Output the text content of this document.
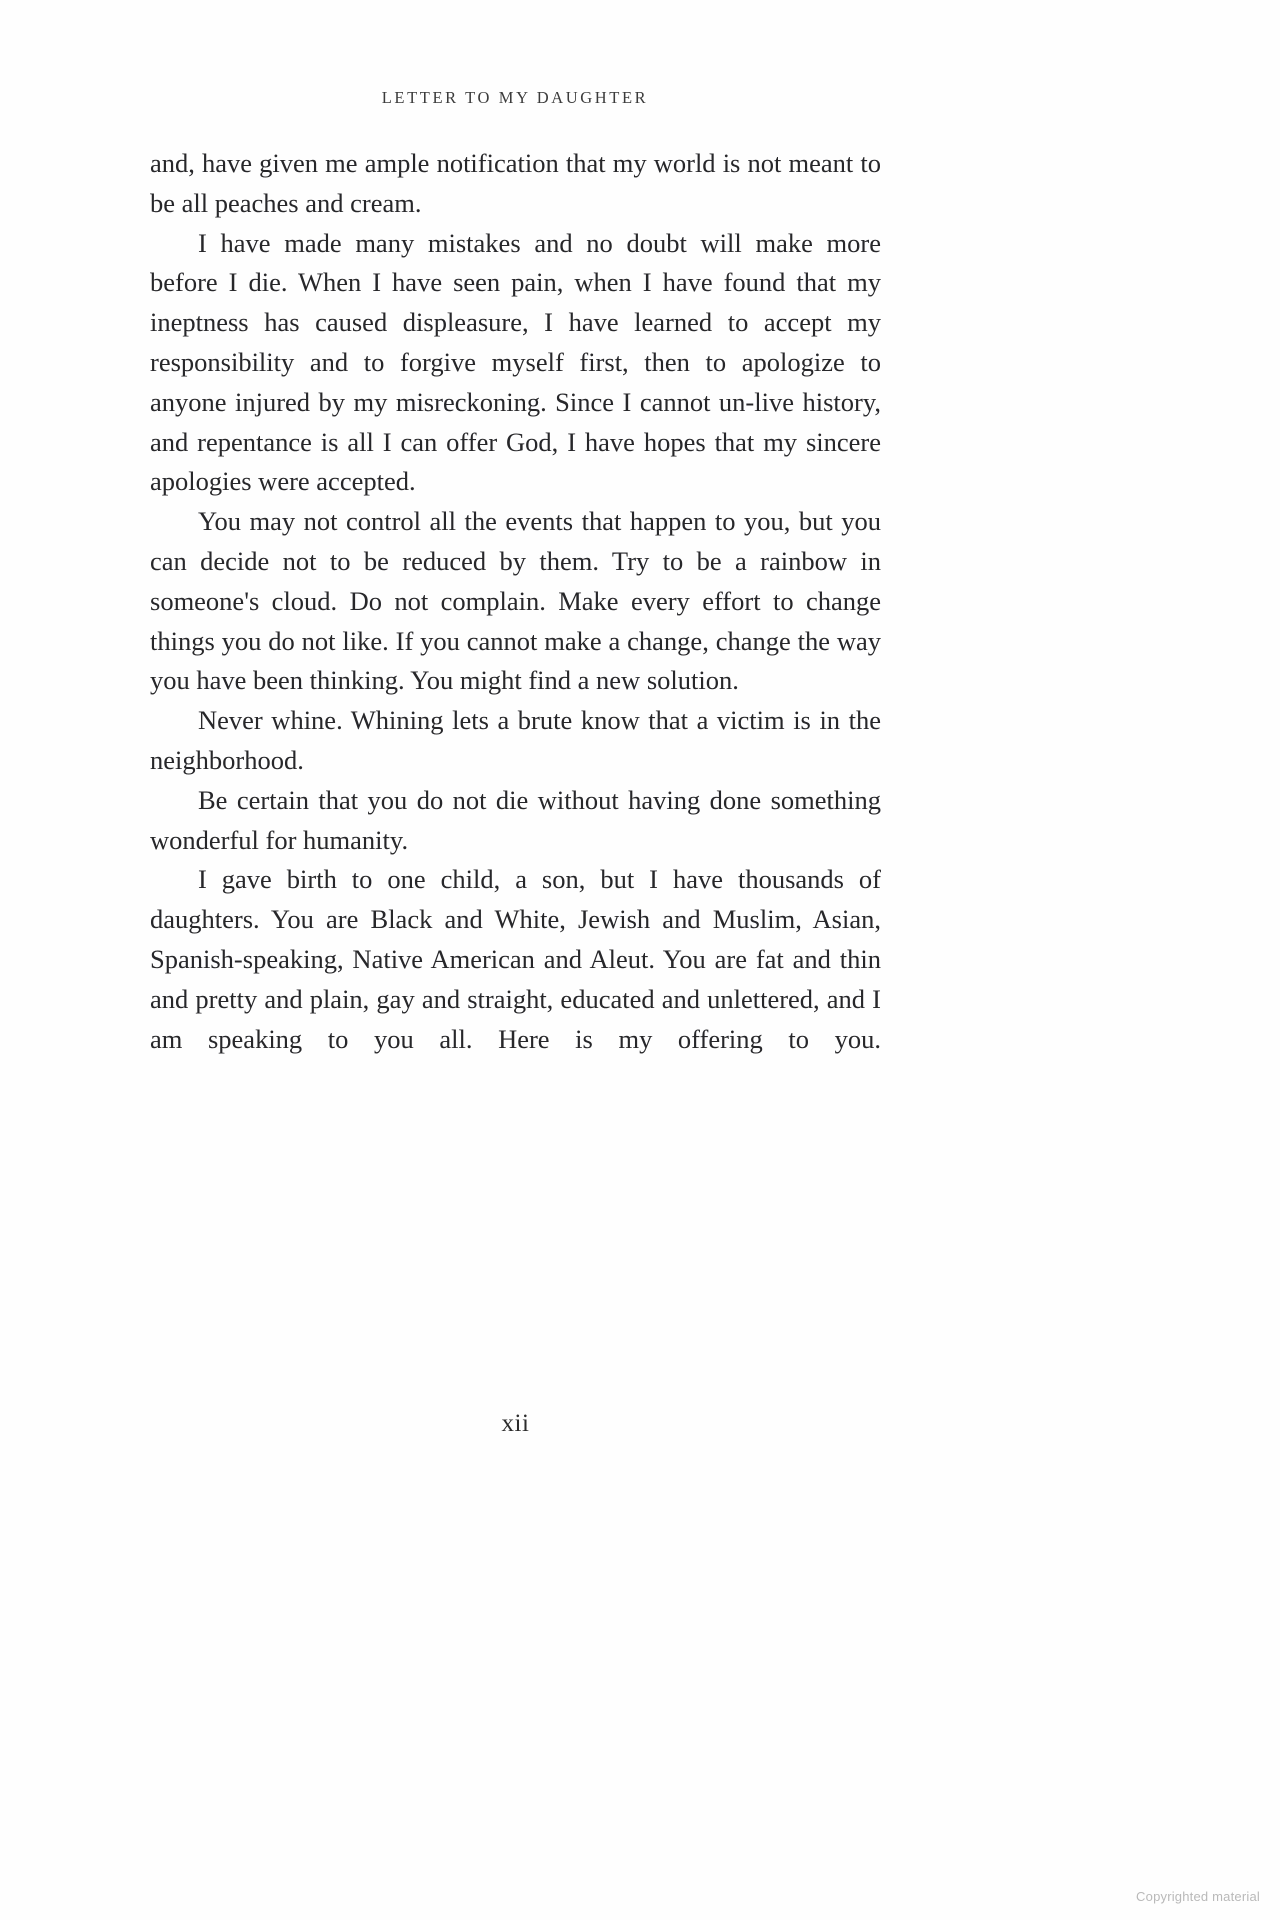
LETTER TO MY DAUGHTER

and, have given me ample notification that my world is not meant to be all peaches and cream.

I have made many mistakes and no doubt will make more before I die. When I have seen pain, when I have found that my ineptness has caused displeasure, I have learned to accept my responsibility and to forgive myself first, then to apologize to anyone injured by my misreckoning. Since I cannot un-live history, and repentance is all I can offer God, I have hopes that my sincere apologies were accepted.

You may not control all the events that happen to you, but you can decide not to be reduced by them. Try to be a rainbow in someone's cloud. Do not complain. Make every effort to change things you do not like. If you cannot make a change, change the way you have been thinking. You might find a new solution.

Never whine. Whining lets a brute know that a victim is in the neighborhood.

Be certain that you do not die without having done something wonderful for humanity.

I gave birth to one child, a son, but I have thousands of daughters. You are Black and White, Jewish and Muslim, Asian, Spanish-speaking, Native American and Aleut. You are fat and thin and pretty and plain, gay and straight, educated and unlettered, and I am speaking to you all. Here is my offering to you.

xii
Copyrighted material
